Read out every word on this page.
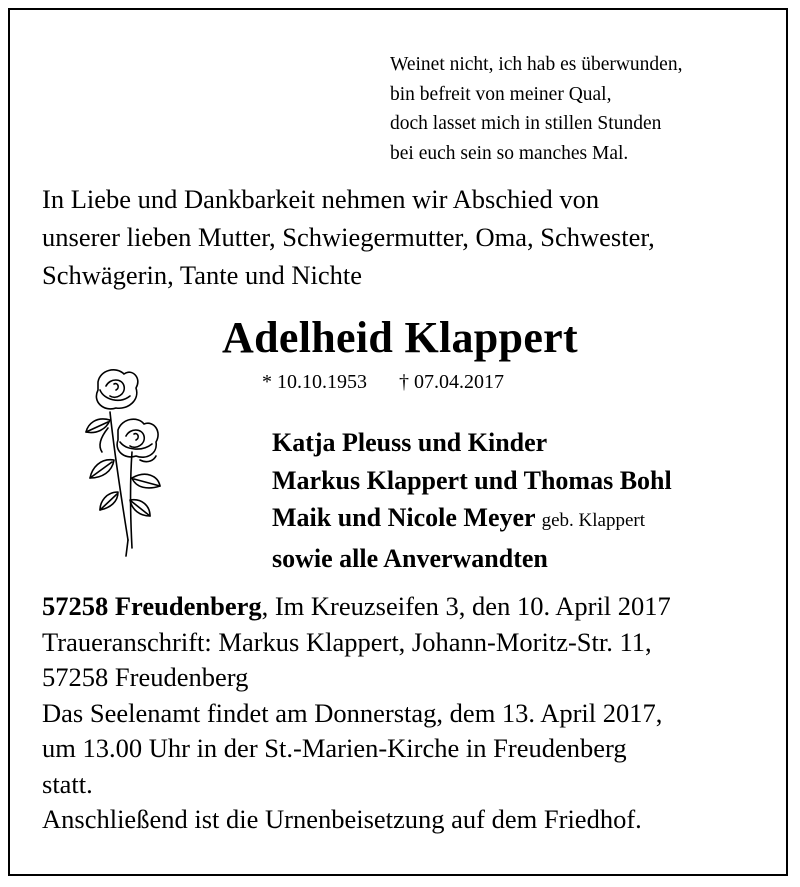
Weinet nicht, ich hab es überwunden,
bin befreit von meiner Qual,
doch lasset mich in stillen Stunden
bei euch sein so manches Mal.
In Liebe und Dankbarkeit nehmen wir Abschied von
unserer lieben Mutter, Schwiegermutter, Oma, Schwester,
Schwägerin, Tante und Nichte
Adelheid Klappert
* 10.10.1953 † 07.04.2017
Katja Pleuss und Kinder
Markus Klappert und Thomas Bohl
Maik und Nicole Meyer geb. Klappert
sowie alle Anverwandten
57258 Freudenberg, Im Kreuzseifen 3, den 10. April 2017
Traueranschrift: Markus Klappert, Johann-Moritz-Str. 11,
57258 Freudenberg
Das Seelenamt findet am Donnerstag, dem 13. April 2017,
um 13.00 Uhr in der St.-Marien-Kirche in Freudenberg
statt.
Anschließend ist die Urnenbeisetzung auf dem Friedhof.
